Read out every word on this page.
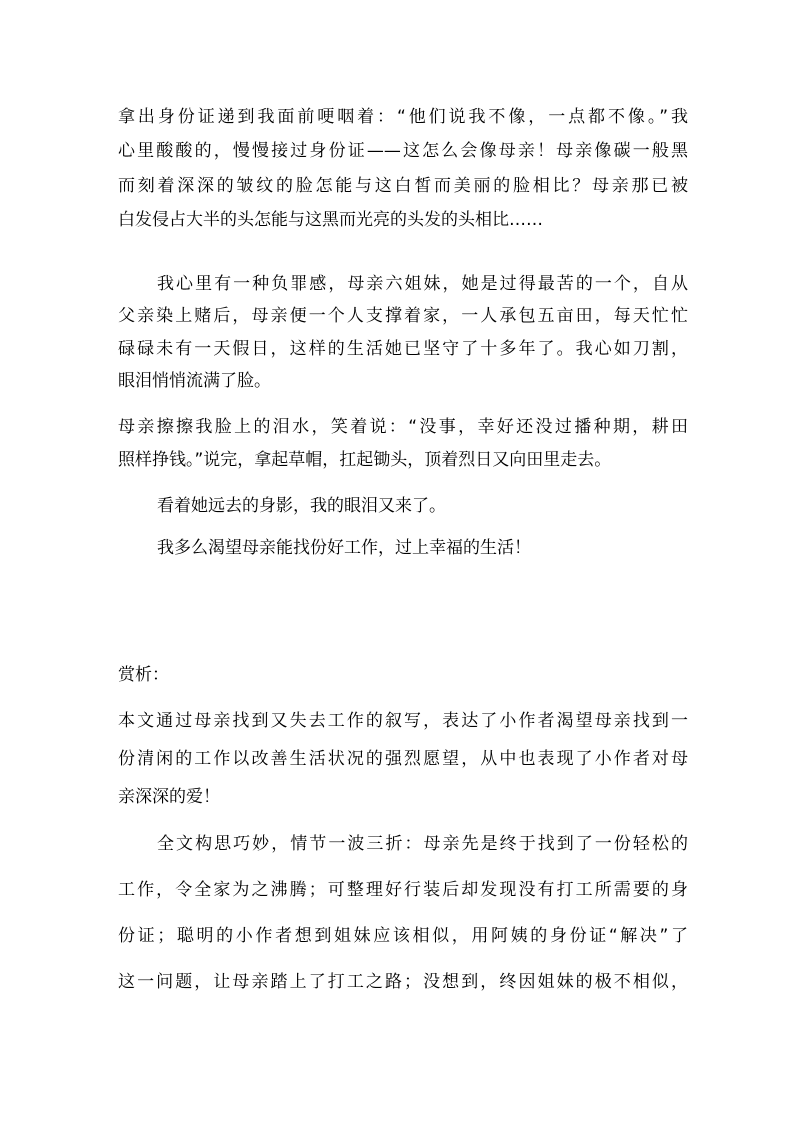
拿出身份证递到我面前哽咽着：“他们说我不像，一点都不像。”我
心里酸酸的，慢慢接过身份证——这怎么会像母亲！母亲像碳一般黑
而刻着深深的皱纹的脸怎能与这白皙而美丽的脸相比？母亲那已被
白发侵占大半的头怎能与这黑而光亮的头发的头相比……
我心里有一种负罪感，母亲六姐妹，她是过得最苦的一个，自从
父亲染上赌后，母亲便一个人支撑着家，一人承包五亩田，每天忙忙
碌碌未有一天假日，这样的生活她已坚守了十多年了。我心如刀割，
眼泪悄悄流满了脸。
母亲擦擦我脸上的泪水，笑着说：“没事，幸好还没过播种期，耕田
照样挣钱。”说完，拿起草帽，扛起锄头，顶着烈日又向田里走去。
看着她远去的身影，我的眼泪又来了。
我多么渴望母亲能找份好工作，过上幸福的生活！
赏析：
本文通过母亲找到又失去工作的叙写，表达了小作者渴望母亲找到一
份清闲的工作以改善生活状况的强烈愿望，从中也表现了小作者对母
亲深深的爱！
全文构思巧妙，情节一波三折：母亲先是终于找到了一份轻松的
工作，令全家为之沸腾；可整理好行装后却发现没有打工所需要的身
份证；聪明的小作者想到姐妹应该相似，用阿姨的身份证“解决”了
这一问题，让母亲踏上了打工之路；没想到，终因姐妹的极不相似，
